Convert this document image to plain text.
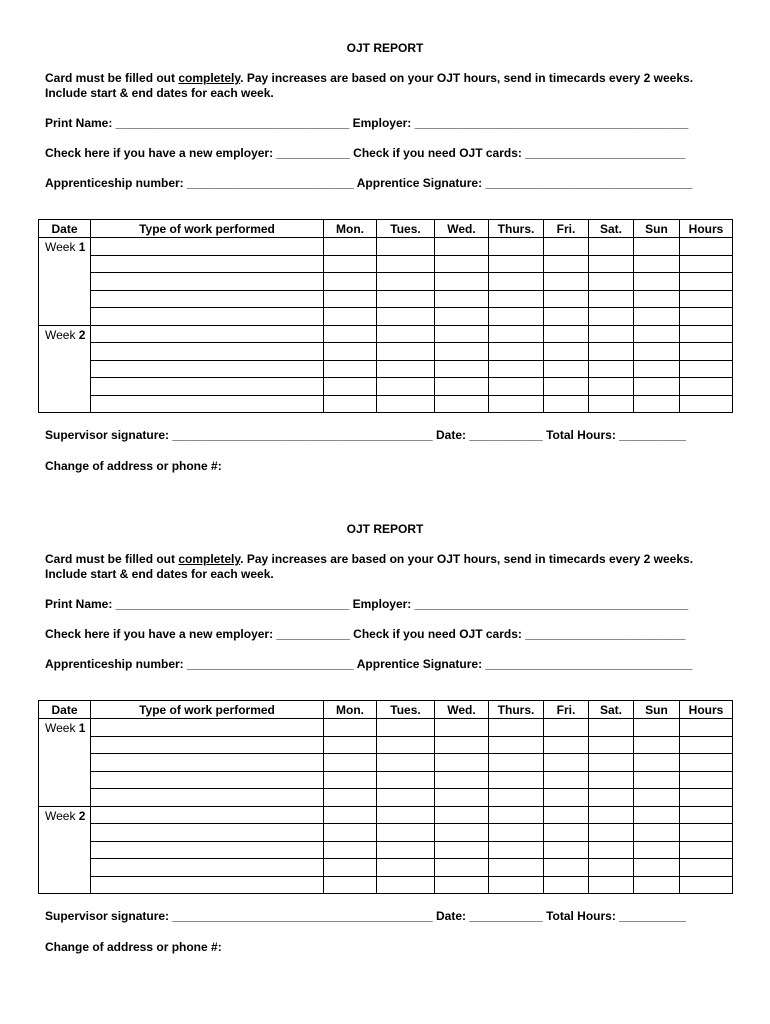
OJT REPORT
Card must be filled out completely. Pay increases are based on your OJT hours, send in timecards every 2 weeks. Include start & end dates for each week.
Print Name: ___________________________________ Employer: _________________________________________
Check here if you have a new employer: ___________ Check if you need OJT cards: ________________________
Apprenticeship number: _________________________ Apprentice Signature: _______________________________
Date	Type of work performed	Mon.	Tues.	Wed.	Thurs.	Fri.	Sat.	Sun	Hours
Week 1									

Week 2									

Supervisor signature: _______________________________________ Date: ___________ Total Hours: __________
Change of address or phone #:
OJT REPORT
Card must be filled out completely. Pay increases are based on your OJT hours, send in timecards every 2 weeks. Include start & end dates for each week.
Print Name: ___________________________________ Employer: _________________________________________
Check here if you have a new employer: ___________ Check if you need OJT cards: ________________________
Apprenticeship number: _________________________ Apprentice Signature: _______________________________
Date	Type of work performed	Mon.	Tues.	Wed.	Thurs.	Fri.	Sat.	Sun	Hours
Week 1									

Week 2									

Supervisor signature: _______________________________________ Date: ___________ Total Hours: __________
Change of address or phone #:
